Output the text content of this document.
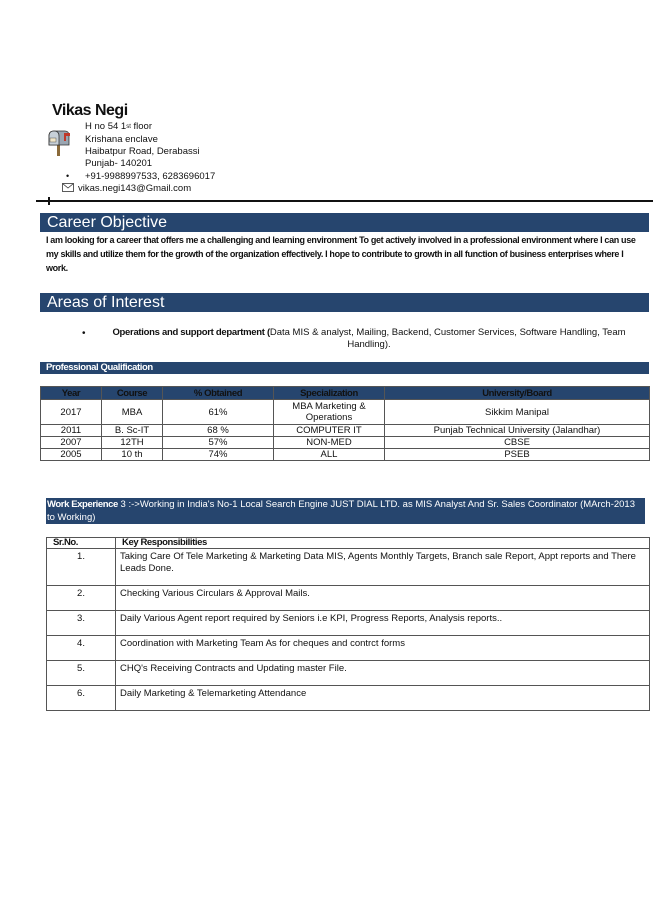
Vikas Negi
H no 54 1st floor
Krishana enclave
Haibatpur Road, Derabassi
Punjab- 140201
• +91-9988997533, 6283696017
vikas.negi143@Gmail.com
Career Objective
I am looking for a career that offers me a challenging and learning environment To get actively involved in a professional environment where I can use my skills and utilize them for the growth of the organization effectively. I hope to contribute to growth in all function of business enterprises where I work.
Areas of Interest
•	Operations and support department (Data MIS & analyst, Mailing, Backend, Customer Services, Software Handling, Team Handling).
Professional Qualification
Year	Course	% Obtained	Specialization	University/Board
2017	MBA	61%	MBA Marketing & Operations	Sikkim Manipal
2011	B. Sc-IT	68 %	COMPUTER IT	Punjab Technical University (Jalandhar)
2007	12TH	57%	NON-MED	CBSE
2005	10 th	74%	ALL	PSEB
Work Experience 3 :->Working in India's No-1 Local Search Engine JUST DIAL LTD. as MIS Analyst And Sr. Sales Coordinator (MArch-2013 to Working)
Sr.No.	Key Responsibilities
1.	Taking Care Of Tele Marketing & Marketing Data MIS, Agents Monthly Targets, Branch sale Report, Appt reports and There Leads Done.
2.	Checking Various Circulars & Approval Mails.
3.	Daily Various Agent report required by Seniors i.e KPI, Progress Reports, Analysis reports..
4.	Coordination with Marketing Team As for cheques and contrct forms
5.	CHQ's Receiving Contracts and Updating master File.
6.	Daily Marketing & Telemarketing Attendance
